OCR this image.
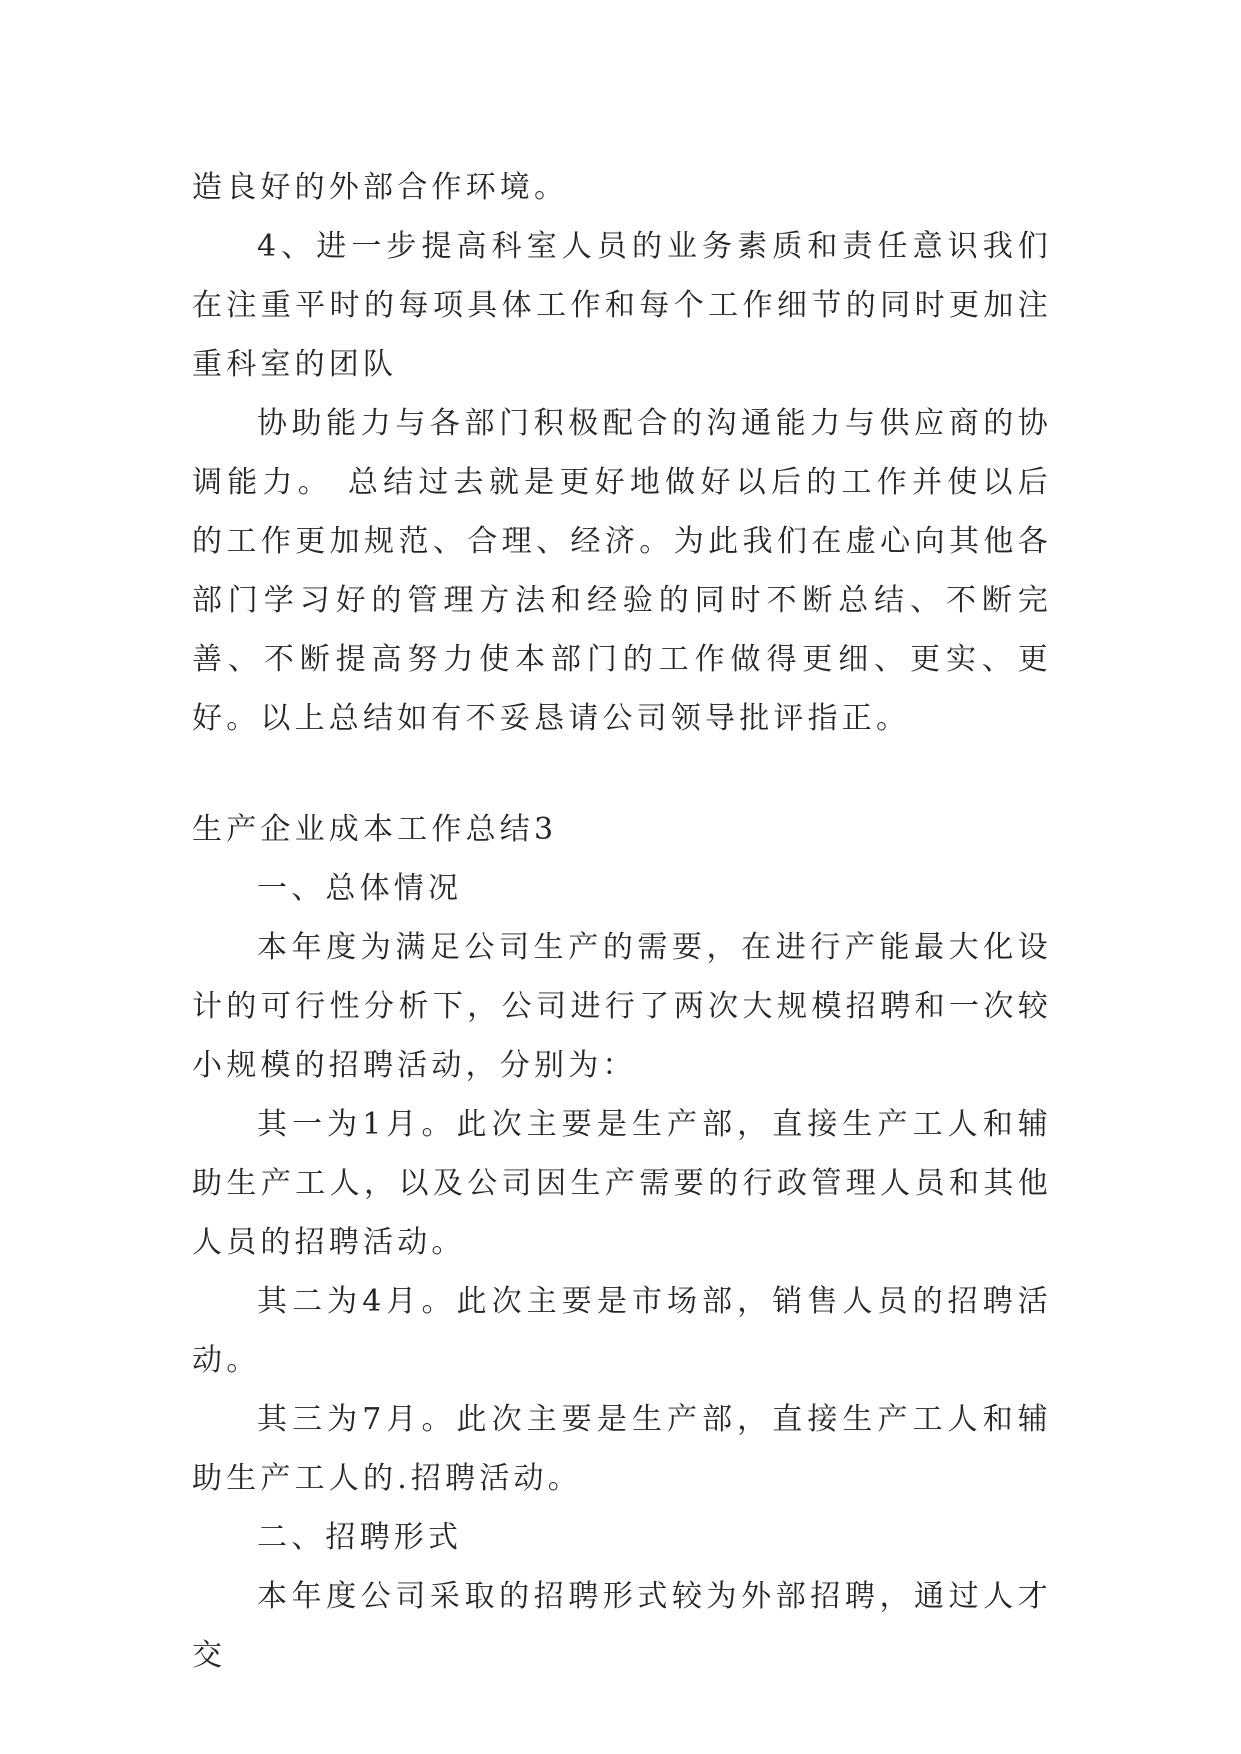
造良好的外部合作环境。

4、进一步提高科室人员的业务素质和责任意识我们在注重平时的每项具体工作和每个工作细节的同时更加注重科室的团队

协助能力与各部门积极配合的沟通能力与供应商的协调能力。 总结过去就是更好地做好以后的工作并使以后的工作更加规范、合理、经济。为此我们在虚心向其他各部门学习好的管理方法和经验的同时不断总结、不断完善、不断提高努力使本部门的工作做得更细、更实、更好。以上总结如有不妥恳请公司领导批评指正。

生产企业成本工作总结3

一、总体情况

本年度为满足公司生产的需要，在进行产能最大化设计的可行性分析下，公司进行了两次大规模招聘和一次较小规模的招聘活动，分别为：

其一为1月。此次主要是生产部，直接生产工人和辅助生产工人，以及公司因生产需要的行政管理人员和其他人员的招聘活动。

其二为4月。此次主要是市场部，销售人员的招聘活动。

其三为7月。此次主要是生产部，直接生产工人和辅助生产工人的.招聘活动。

二、招聘形式

本年度公司采取的招聘形式较为外部招聘，通过人才交
